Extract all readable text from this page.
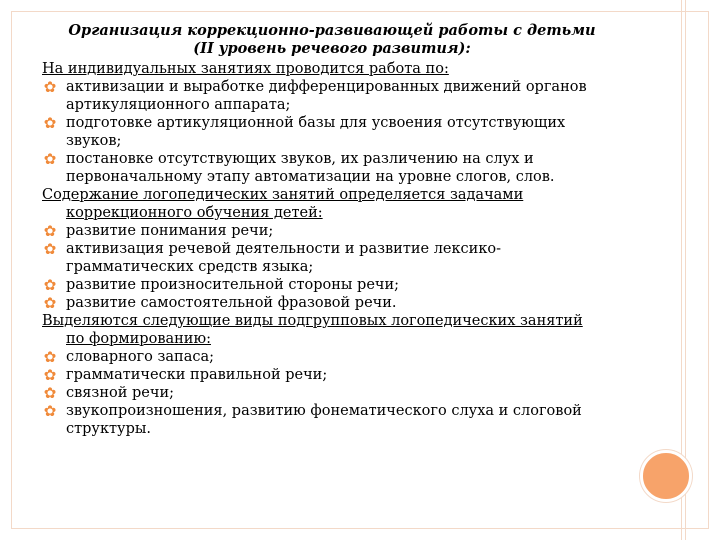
Организация коррекционно-развивающей работы с детьми
(II уровень речевого развития):
На индивидуальных занятиях проводится работа по:
✿ активизации и выработке дифференцированных движений органов артикуляционного аппарата;
✿ подготовке артикуляционной базы для усвоения отсутствующих звуков;
✿ постановке отсутствующих звуков, их различению на слух и первоначальному этапу автоматизации на уровне слогов, слов.
Содержание логопедических занятий определяется задачами
коррекционного обучения детей:
✿ развитие понимания речи;
✿ активизация речевой деятельности и развитие лексико-грамматических средств языка;
✿ развитие произносительной стороны речи;
✿ развитие самостоятельной фразовой речи.
Выделяются следующие виды подгрупповых логопедических занятий
по формированию:
✿ словарного запаса;
✿ грамматически правильной речи;
✿ связной речи;
✿ звукопроизношения, развитию фонематического слуха и слоговой структуры.
